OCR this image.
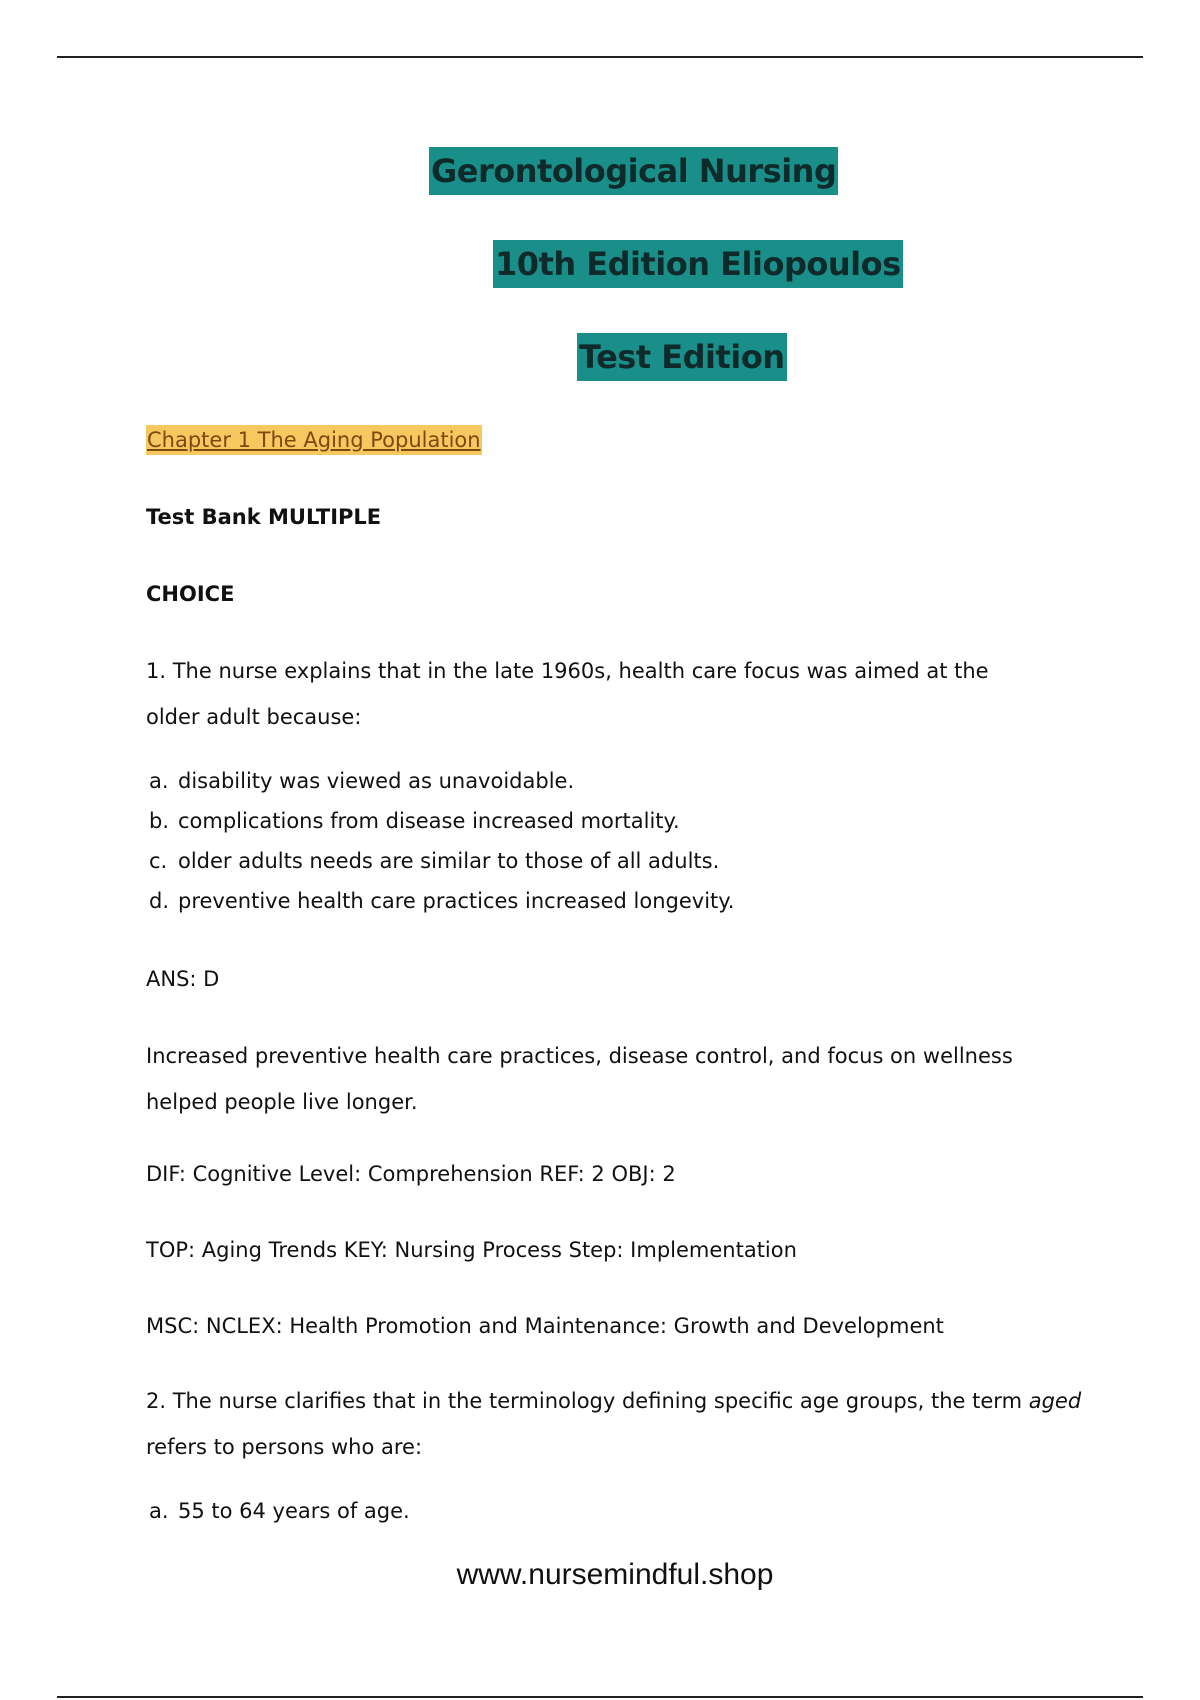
Gerontological Nursing
10th Edition Eliopoulos
Test Edition
Chapter 1 The Aging Population
Test Bank MULTIPLE
CHOICE
1. The nurse explains that in the late 1960s, health care focus was aimed at the
older adult because:
a. disability was viewed as unavoidable.
b. complications from disease increased mortality.
c. older adults needs are similar to those of all adults.
d. preventive health care practices increased longevity.
ANS: D
Increased preventive health care practices, disease control, and focus on wellness
helped people live longer.
DIF: Cognitive Level: Comprehension REF: 2 OBJ: 2
TOP: Aging Trends KEY: Nursing Process Step: Implementation
MSC: NCLEX: Health Promotion and Maintenance: Growth and Development
2. The nurse clarifies that in the terminology defining specific age groups, the term aged
refers to persons who are:
a. 55 to 64 years of age.
www.nursemindful.shop
